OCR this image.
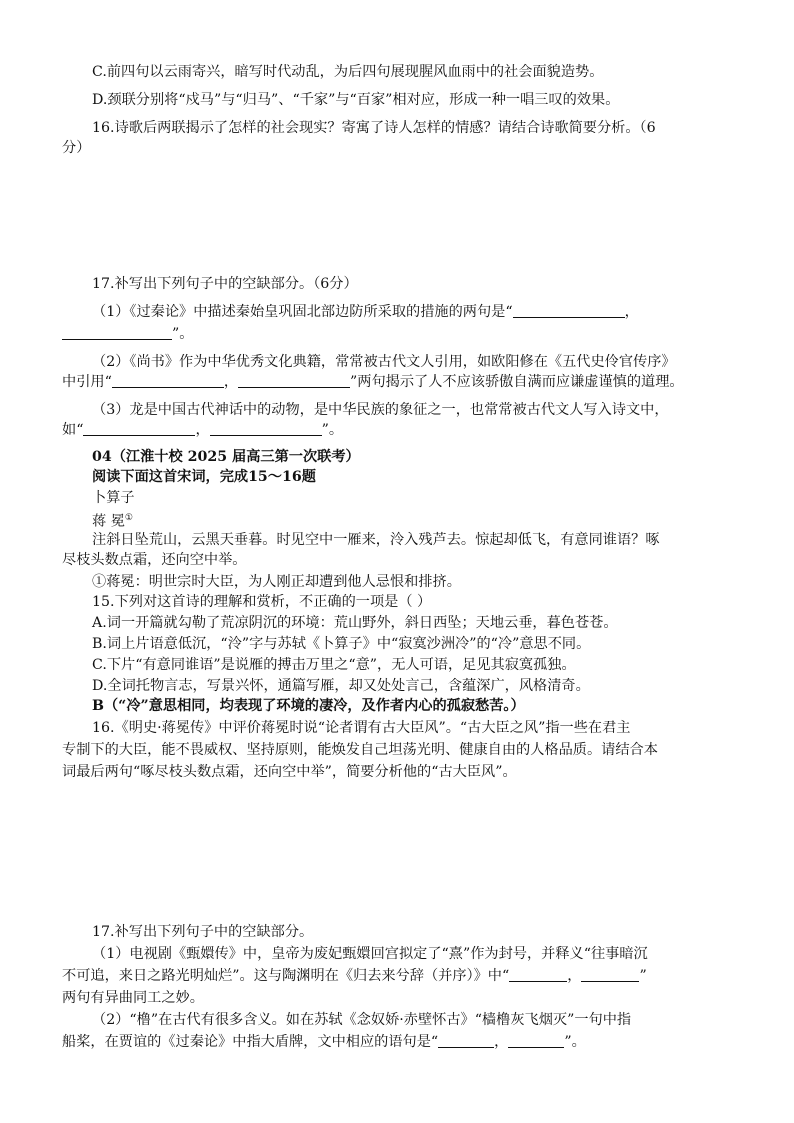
C.前四句以云雨寄兴，暗写时代动乱，为后四句展现腥风血雨中的社会面貌造势。
D.颈联分别将“戍马”与“归马”、“千家”与“百家”相对应，形成一种一唱三叹的效果。
16.诗歌后两联揭示了怎样的社会现实？寄寓了诗人怎样的情感？请结合诗歌简要分析。（6
分）
17.补写出下列句子中的空缺部分。（6分）
（1）《过秦论》中描述秦始皇巩固北部边防所采取的措施的两句是“	，
”。
（2）《尚书》作为中华优秀文化典籍，常常被古代文人引用，如欧阳修在《五代史伶官传序》
中引用“	，	”两句揭示了人不应该骄傲自满而应谦虚谨慎的道理。
（3）龙是中国古代神话中的动物，是中华民族的象征之一，也常常被古代文人写入诗文中，
如“	，	”。
04（江淮十校 2025 届高三第一次联考）
阅读下面这首宋词，完成15～16题
卜算子
蒋 冕①
注斜日坠荒山，云黑天垂暮。时见空中一雁来，泠入残芦去。惊起却低飞，有意同谁语？啄
尽枝头数点霜，还向空中举。
①蒋冕：明世宗时大臣，为人刚正却遭到他人忌恨和排挤。
15.下列对这首诗的理解和赏析，不正确的一项是（ ）
A.词一开篇就勾勒了荒凉阴沉的环境：荒山野外，斜日西坠；天地云垂，暮色苍苍。
B.词上片语意低沉，“泠”字与苏轼《卜算子》中“寂寞沙洲冷”的“冷”意思不同。
C.下片“有意同谁语”是说雁的搏击万里之“意”，无人可语，足见其寂寞孤独。
D.全词托物言志，写景兴怀，通篇写雁，却又处处言己，含蕴深广，风格清奇。
B（“冷”意思相同，均表现了环境的凄冷，及作者内心的孤寂愁苦。）
16.《明史·蒋冕传》中评价蒋冕时说“论者谓有古大臣风”。“古大臣之风”指一些在君主
专制下的大臣，能不畏威权、坚持原则，能焕发自己坦荡光明、健康自由的人格品质。请结合本
词最后两句“啄尽枝头数点霜，还向空中举”，简要分析他的“古大臣风”。
17.补写出下列句子中的空缺部分。
（1）电视剧《甄嬛传》中，皇帝为废妃甄嬛回宫拟定了“熹”作为封号，并释义“往事暗沉
不可追，来日之路光明灿烂”。这与陶渊明在《归去来兮辞（并序）》中“	，	”
两句有异曲同工之妙。
（2）“橹”在古代有很多含义。如在苏轼《念奴娇·赤壁怀古》“樯橹灰飞烟灭”一句中指
船桨，在贾谊的《过秦论》中指大盾牌，文中相应的语句是“	，	”。
